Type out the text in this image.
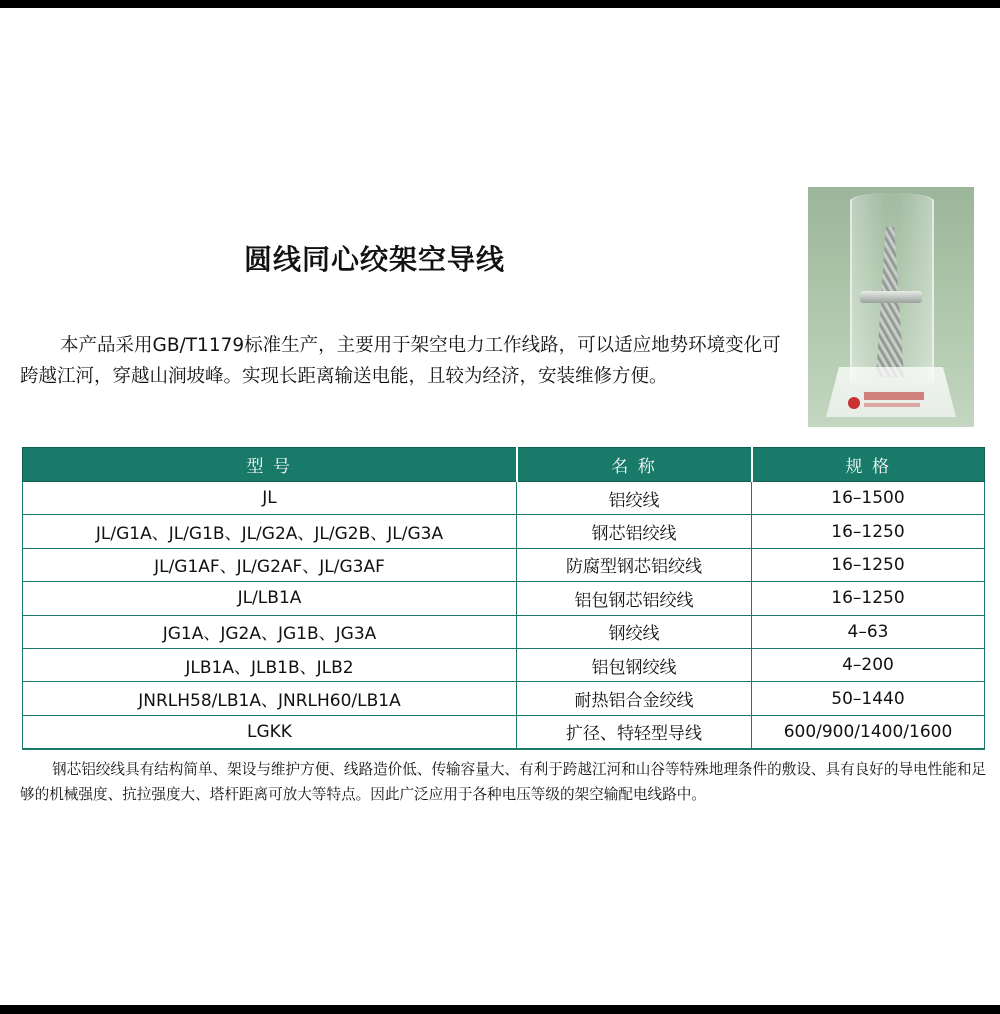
圆线同心绞架空导线

本产品采用GB/T1179标准生产，主要用于架空电力工作线路，可以适应地势环境变化可跨越江河，穿越山涧坡峰。实现长距离输送电能，且较为经济，安装维修方便。

型 号	名 称	规 格
JL	铝绞线	16–1500
JL/G1A、JL/G1B、JL/G2A、JL/G2B、JL/G3A	钢芯铝绞线	16–1250
JL/G1AF、JL/G2AF、JL/G3AF	防腐型钢芯铝绞线	16–1250
JL/LB1A	铝包钢芯铝绞线	16–1250
JG1A、JG2A、JG1B、JG3A	钢绞线	4–63
JLB1A、JLB1B、JLB2	铝包钢绞线	4–200
JNRLH58/LB1A、JNRLH60/LB1A	耐热铝合金绞线	50–1440
LGKK	扩径、特轻型导线	600/900/1400/1600

钢芯铝绞线具有结构简单、架设与维护方便、线路造价低、传输容量大、有利于跨越江河和山谷等特殊地理条件的敷设、具有良好的导电性能和足够的机械强度、抗拉强度大、塔杆距离可放大等特点。因此广泛应用于各种电压等级的架空输配电线路中。
